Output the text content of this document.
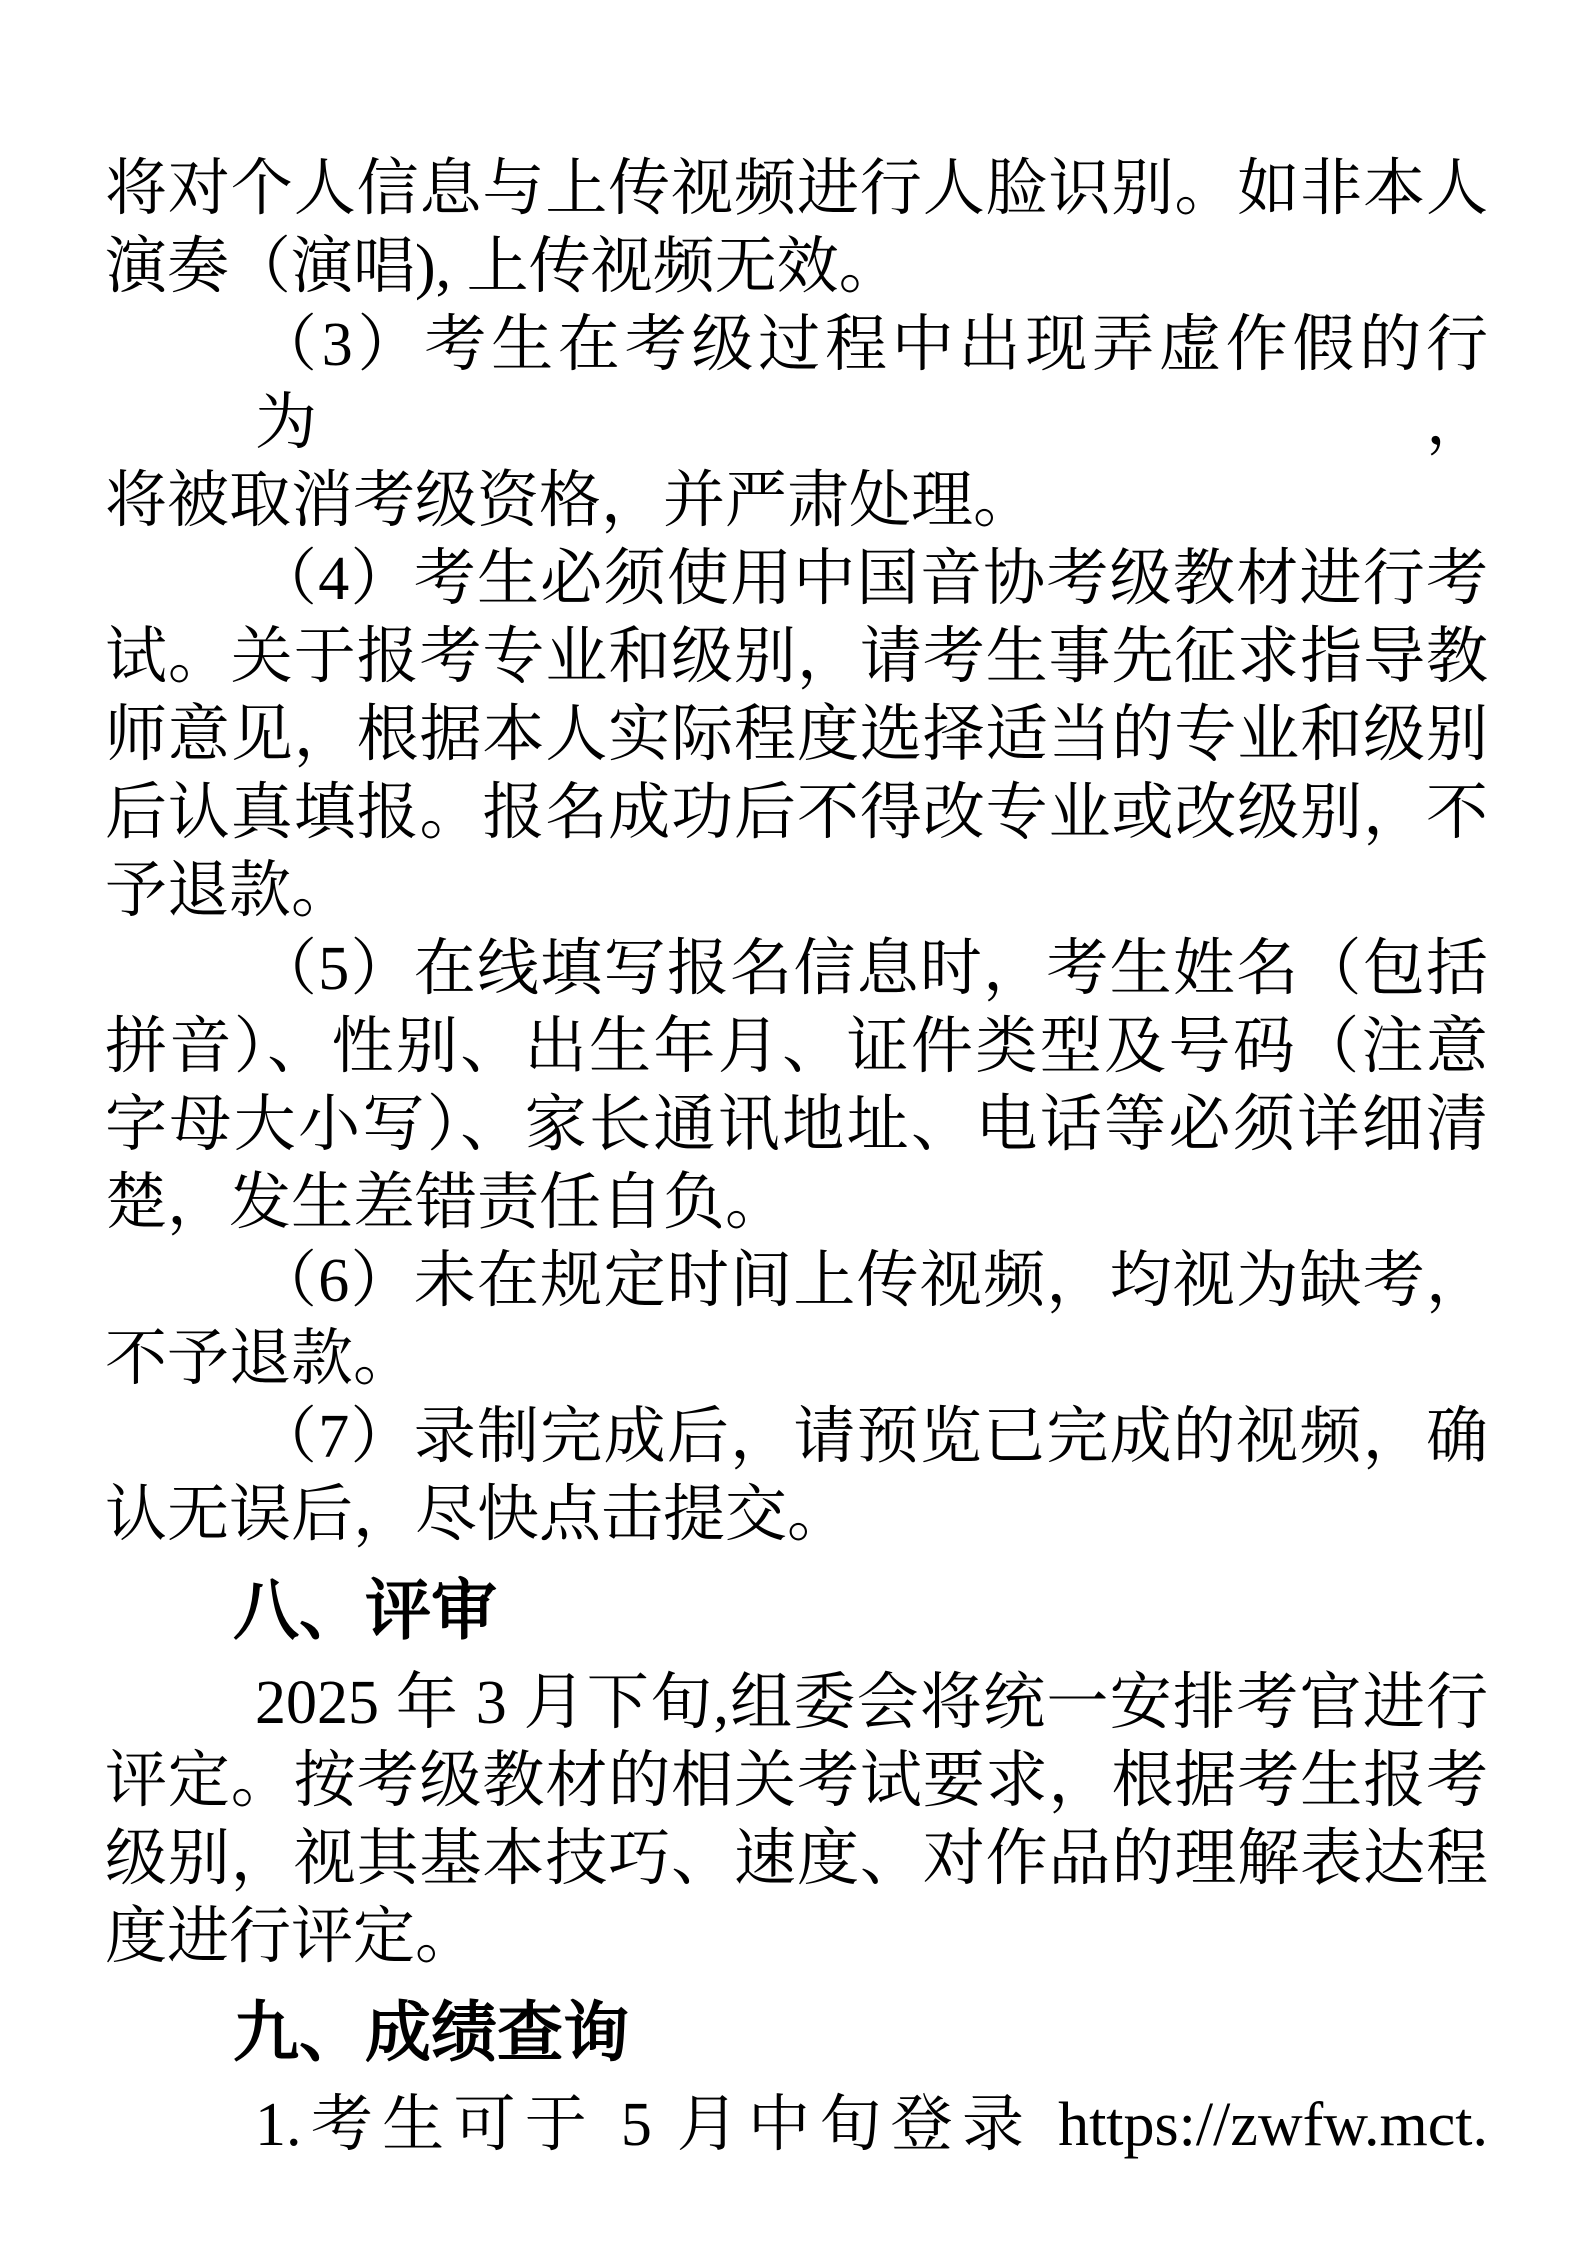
将对个人信息与上传视频进行人脸识别。如非本人
演奏（演唱), 上传视频无效。
（3）考生在考级过程中出现弄虚作假的行为，
将被取消考级资格，并严肃处理。
（4）考生必须使用中国音协考级教材进行考
试。关于报考专业和级别，请考生事先征求指导教
师意见，根据本人实际程度选择适当的专业和级别
后认真填报。报名成功后不得改专业或改级别，不
予退款。
（5）在线填写报名信息时，考生姓名（包括
拼音）、性别、出生年月、证件类型及号码（注意
字母大小写）、家长通讯地址、电话等必须详细清
楚，发生差错责任自负。
（6）未在规定时间上传视频，均视为缺考，
不予退款。
（7）录制完成后，请预览已完成的视频，确
认无误后，尽快点击提交。
八、评审
2025 年 3 月下旬,组委会将统一安排考官进行
评定。按考级教材的相关考试要求，根据考生报考
级别，视其基本技巧、速度、对作品的理解表达程
度进行评定。
九、成绩查询
1.考生可于 5 月中旬登录 https://zwfw.mct.
